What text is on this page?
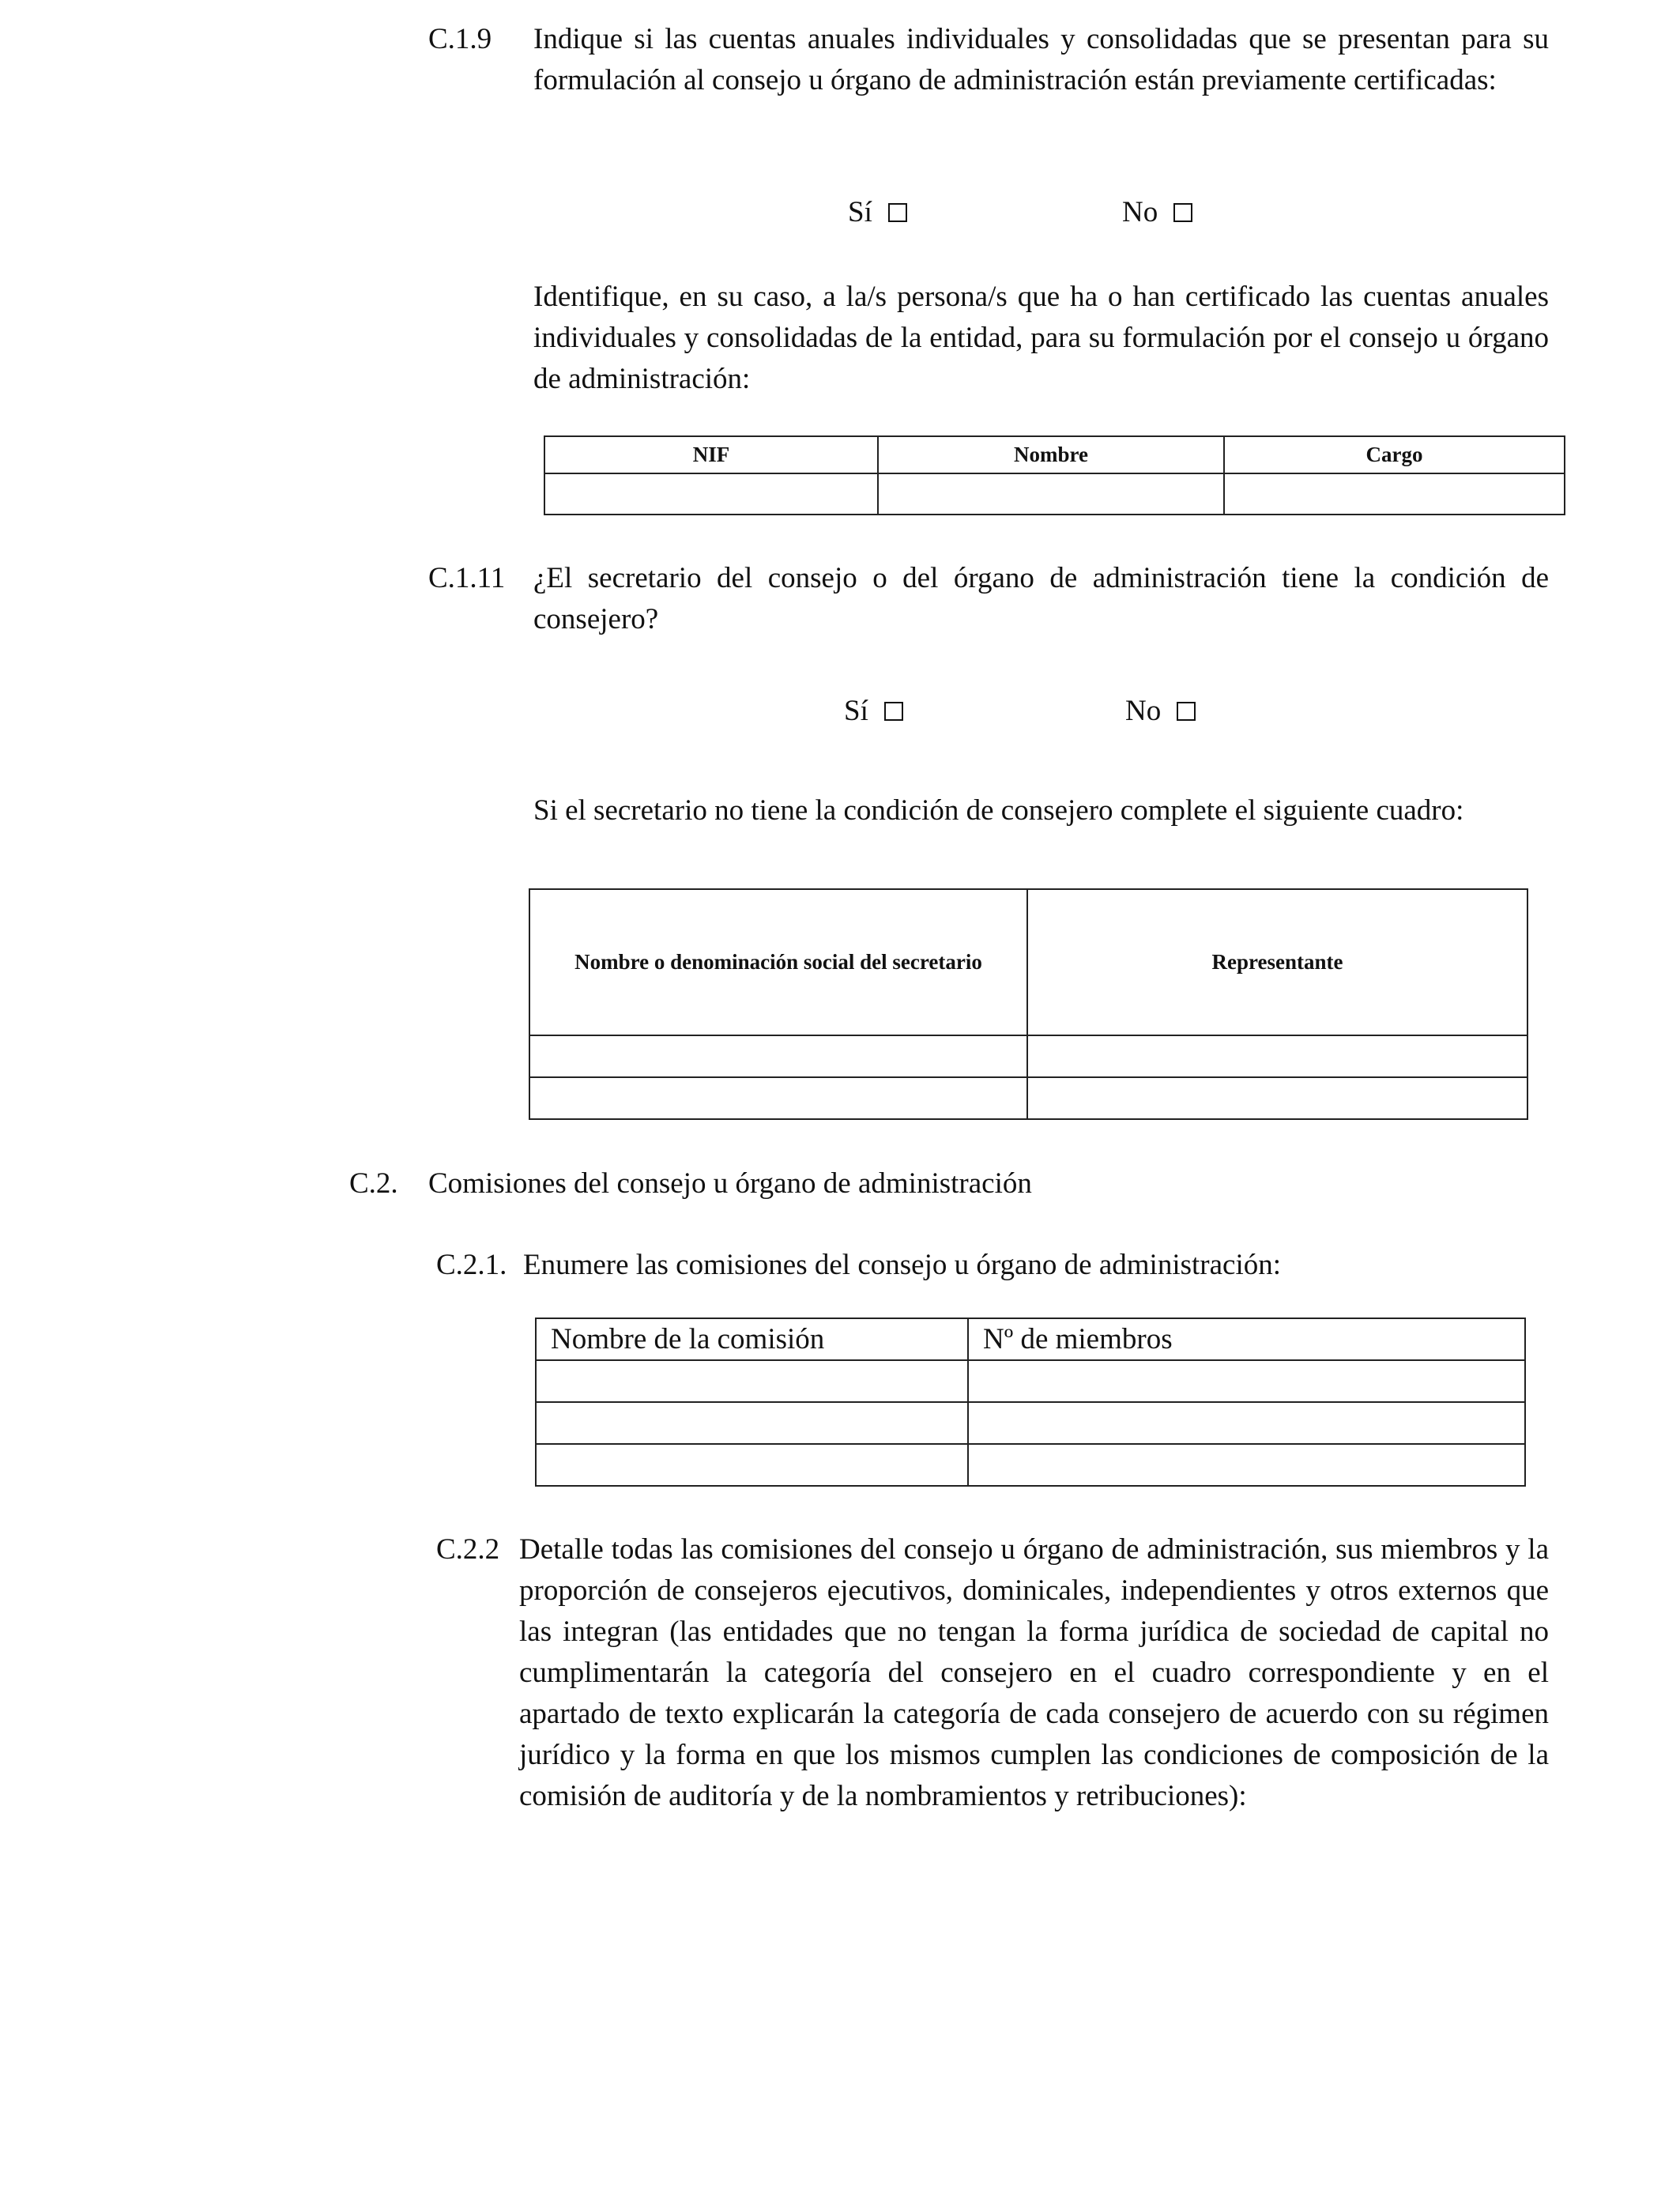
C.1.9 Indique si las cuentas anuales individuales y consolidadas que se presentan para su formulación al consejo u órgano de administración están previamente certificadas:
Sí	No
Identifique, en su caso, a la/s persona/s que ha o han certificado las cuentas anuales individuales y consolidadas de la entidad, para su formulación por el consejo u órgano de administración:
NIF	Nombre	Cargo

C.1.11 ¿El secretario del consejo o del órgano de administración tiene la condición de consejero?
Sí	No
Si el secretario no tiene la condición de consejero complete el siguiente cuadro:
Nombre o denominación social del secretario	Representante

C.2. Comisiones del consejo u órgano de administración
C.2.1. Enumere las comisiones del consejo u órgano de administración:
Nombre de la comisión	Nº de miembros

C.2.2 Detalle todas las comisiones del consejo u órgano de administración, sus miembros y la proporción de consejeros ejecutivos, dominicales, independientes y otros externos que las integran (las entidades que no tengan la forma jurídica de sociedad de capital no cumplimentarán la categoría del consejero en el cuadro correspondiente y en el apartado de texto explicarán la categoría de cada consejero de acuerdo con su régimen jurídico y la forma en que los mismos cumplen las condiciones de composición de la comisión de auditoría y de la nombramientos y retribuciones):
